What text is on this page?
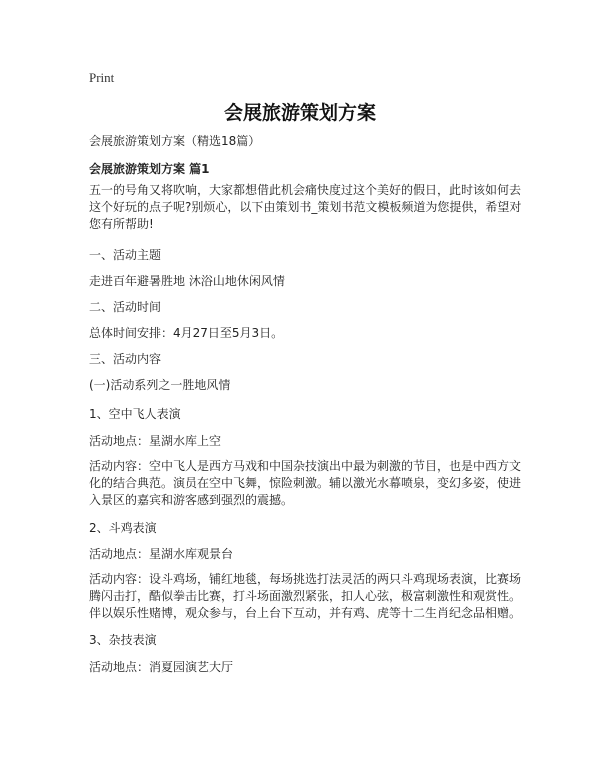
Print
会展旅游策划方案
会展旅游策划方案（精选18篇）
会展旅游策划方案 篇1
五一的号角又将吹响，大家都想借此机会痛快度过这个美好的假日，此时该如何去这个好玩的点子呢?别烦心，以下由策划书_策划书范文模板频道为您提供，希望对您有所帮助!
一、活动主题
走进百年避暑胜地 沐浴山地休闲风情
二、活动时间
总体时间安排：4月27日至5月3日。
三、活动内容
(一)活动系列之一胜地风情
1、空中飞人表演
活动地点：星湖水库上空
活动内容：空中飞人是西方马戏和中国杂技演出中最为刺激的节目，也是中西方文化的结合典范。演员在空中飞舞，惊险刺激。辅以激光水幕喷泉，变幻多姿，使进入景区的嘉宾和游客感到强烈的震撼。
2、斗鸡表演
活动地点：星湖水库观景台
活动内容：设斗鸡场，铺红地毯，每场挑选打法灵活的两只斗鸡现场表演，比赛场腾闪击打，酷似拳击比赛，打斗场面激烈紧张，扣人心弦，极富刺激性和观赏性。伴以娱乐性赌博，观众参与，台上台下互动，并有鸡、虎等十二生肖纪念品相赠。
3、杂技表演
活动地点：消夏园演艺大厅
